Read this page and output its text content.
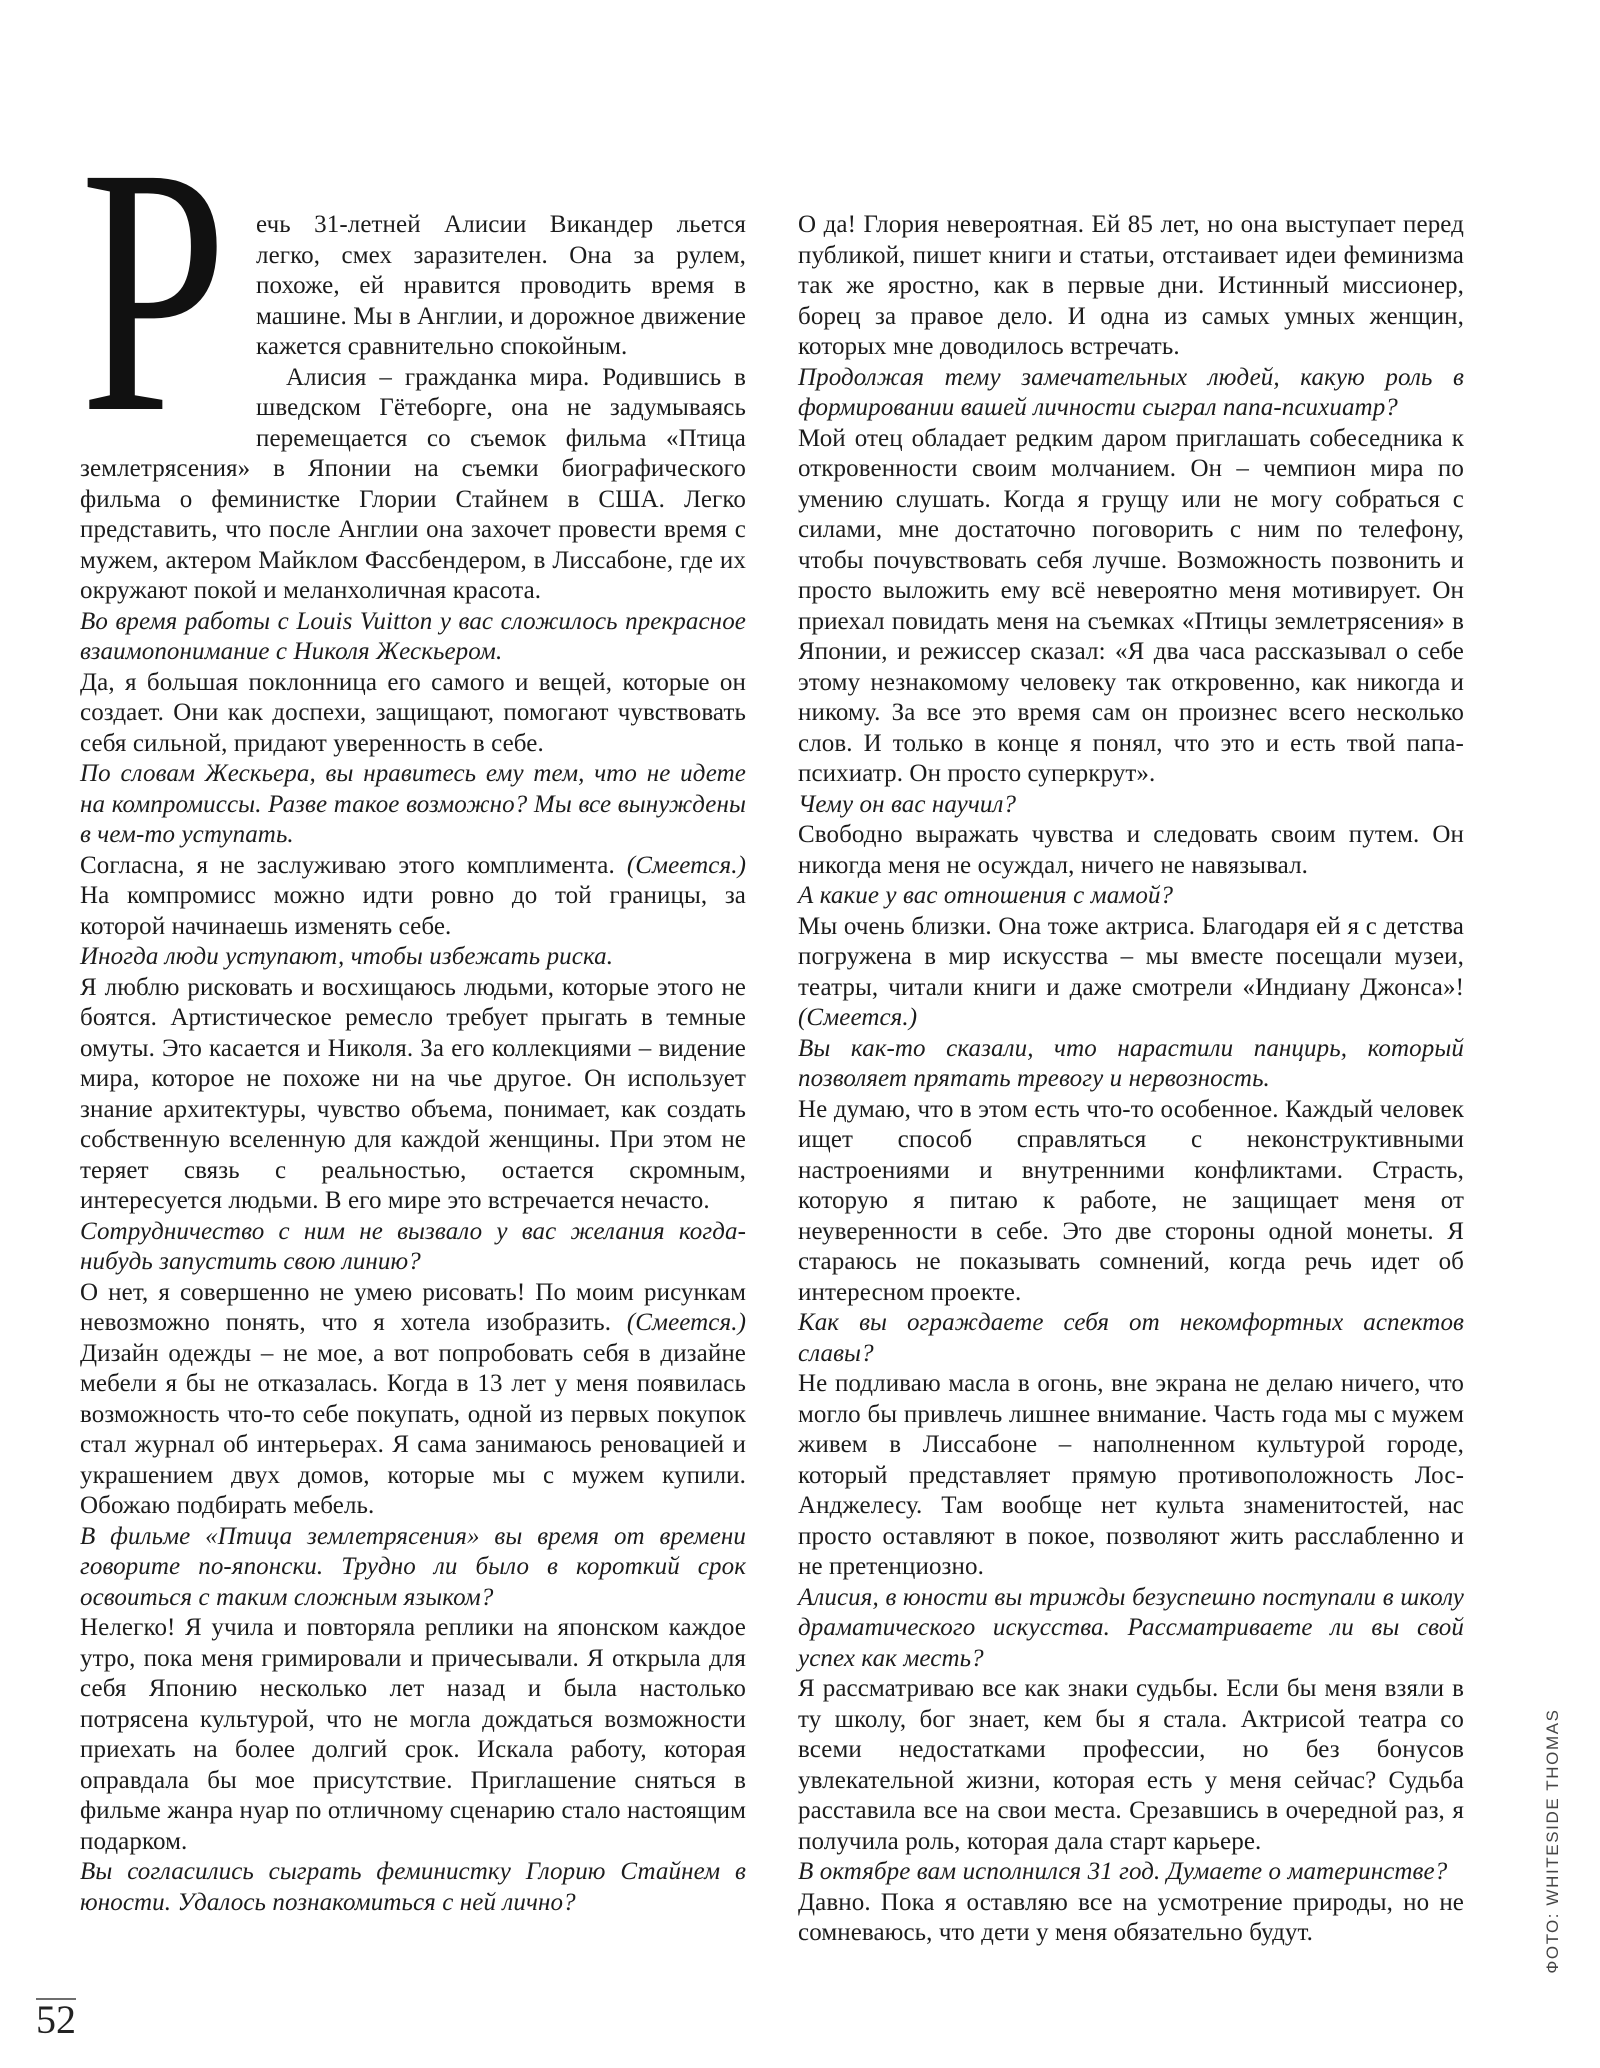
Р	ечь 31-летней Алисии Викандер льется легко, смех заразителен. Она за рулем, похоже, ей нравится проводить время в машине. Мы в Англии, и дорожное движение кажется сравнительно спокойным.

Алисия – гражданка мира. Родившись в шведском Гётеборге, она не задумываясь перемещается со съемок фильма «Птица землетрясения» в Японии на съемки биографического фильма о феминистке Глории Стайнем в США. Легко представить, что после Англии она захочет провести время с мужем, актером Майклом Фассбендером, в Лиссабоне, где их окружают покой и меланхоличная красота.

Во время работы с Louis Vuitton у вас сложилось прекрасное взаимопонимание с Николя Жескьером.

Да, я большая поклонница его самого и вещей, которые он создает. Они как доспехи, защищают, помогают чувствовать себя сильной, придают уверенность в себе.

По словам Жескьера, вы нравитесь ему тем, что не идете на компромиссы. Разве такое возможно? Мы все вынуждены в чем-то уступать.

Согласна, я не заслуживаю этого комплимента. (Смеется.) На компромисс можно идти ровно до той границы, за которой начинаешь изменять себе.

Иногда люди уступают, чтобы избежать риска.

Я люблю рисковать и восхищаюсь людьми, которые этого не боятся. Артистическое ремесло требует прыгать в темные омуты. Это касается и Николя. За его коллекциями – видение мира, которое не похоже ни на чье другое. Он использует знание архитектуры, чувство объема, понимает, как создать собственную вселенную для каждой женщины. При этом не теряет связь с реальностью, остается скромным, интересуется людьми. В его мире это встречается нечасто.

Сотрудничество с ним не вызвало у вас желания когда-нибудь запустить свою линию?

О нет, я совершенно не умею рисовать! По моим рисункам невозможно понять, что я хотела изобразить. (Смеется.) Дизайн одежды – не мое, а вот попробовать себя в дизайне мебели я бы не отказалась. Когда в 13 лет у меня появилась возможность что-то себе покупать, одной из первых покупок стал журнал об интерьерах. Я сама занимаюсь реновацией и украшением двух домов, которые мы с мужем купили. Обожаю подбирать мебель.

В фильме «Птица землетрясения» вы время от времени говорите по-японски. Трудно ли было в короткий срок освоиться с таким сложным языком?

Нелегко! Я учила и повторяла реплики на японском каждое утро, пока меня гримировали и причесывали. Я открыла для себя Японию несколько лет назад и была настолько потрясена культурой, что не могла дождаться возможности приехать на более долгий срок. Искала работу, которая оправдала бы мое присутствие. Приглашение сняться в фильме жанра нуар по отличному сценарию стало настоящим подарком.

Вы согласились сыграть феминистку Глорию Стайнем в юности. Удалось познакомиться с ней лично?

О да! Глория невероятная. Ей 85 лет, но она выступает перед публикой, пишет книги и статьи, отстаивает идеи феминизма так же яростно, как в первые дни. Истинный миссионер, борец за правое дело. И одна из самых умных женщин, которых мне доводилось встречать.

Продолжая тему замечательных людей, какую роль в формировании вашей личности сыграл папа-психиатр?

Мой отец обладает редким даром приглашать собеседника к откровенности своим молчанием. Он – чемпион мира по умению слушать. Когда я грущу или не могу собраться с силами, мне достаточно поговорить с ним по телефону, чтобы почувствовать себя лучше. Возможность позвонить и просто выложить ему всё невероятно меня мотивирует. Он приехал повидать меня на съемках «Птицы землетрясения» в Японии, и режиссер сказал: «Я два часа рассказывал о себе этому незнакомому человеку так откровенно, как никогда и никому. За все это время сам он произнес всего несколько слов. И только в конце я понял, что это и есть твой папа-психиатр. Он просто суперкрут».

Чему он вас научил?

Свободно выражать чувства и следовать своим путем. Он никогда меня не осуждал, ничего не навязывал.

А какие у вас отношения с мамой?

Мы очень близки. Она тоже актриса. Благодаря ей я с детства погружена в мир искусства – мы вместе посещали музеи, театры, читали книги и даже смотрели «Индиану Джонса»! (Смеется.)

Вы как-то сказали, что нарастили панцирь, который позволяет прятать тревогу и нервозность.

Не думаю, что в этом есть что-то особенное. Каждый человек ищет способ справляться с неконструктивными настроениями и внутренними конфликтами. Страсть, которую я питаю к работе, не защищает меня от неуверенности в себе. Это две стороны одной монеты. Я стараюсь не показывать сомнений, когда речь идет об интересном проекте.

Как вы ограждаете себя от некомфортных аспектов славы?

Не подливаю масла в огонь, вне экрана не делаю ничего, что могло бы привлечь лишнее внимание. Часть года мы с мужем живем в Лиссабоне – наполненном культурой городе, который представляет прямую противоположность Лос-Анджелесу. Там вообще нет культа знаменитостей, нас просто оставляют в покое, позволяют жить расслабленно и не претенциозно.

Алисия, в юности вы трижды безуспешно поступали в школу драматического искусства. Рассматриваете ли вы свой успех как месть?

Я рассматриваю все как знаки судьбы. Если бы меня взяли в ту школу, бог знает, кем бы я стала. Актрисой театра со всеми недостатками профессии, но без бонусов увлекательной жизни, которая есть у меня сейчас? Судьба расставила все на свои места. Срезавшись в очередной раз, я получила роль, которая дала старт карьере.

В октябре вам исполнился 31 год. Думаете о материнстве?

Давно. Пока я оставляю все на усмотрение природы, но не сомневаюсь, что дети у меня обязательно будут.	ФОТО: WHITESIDE THOMAS
52
